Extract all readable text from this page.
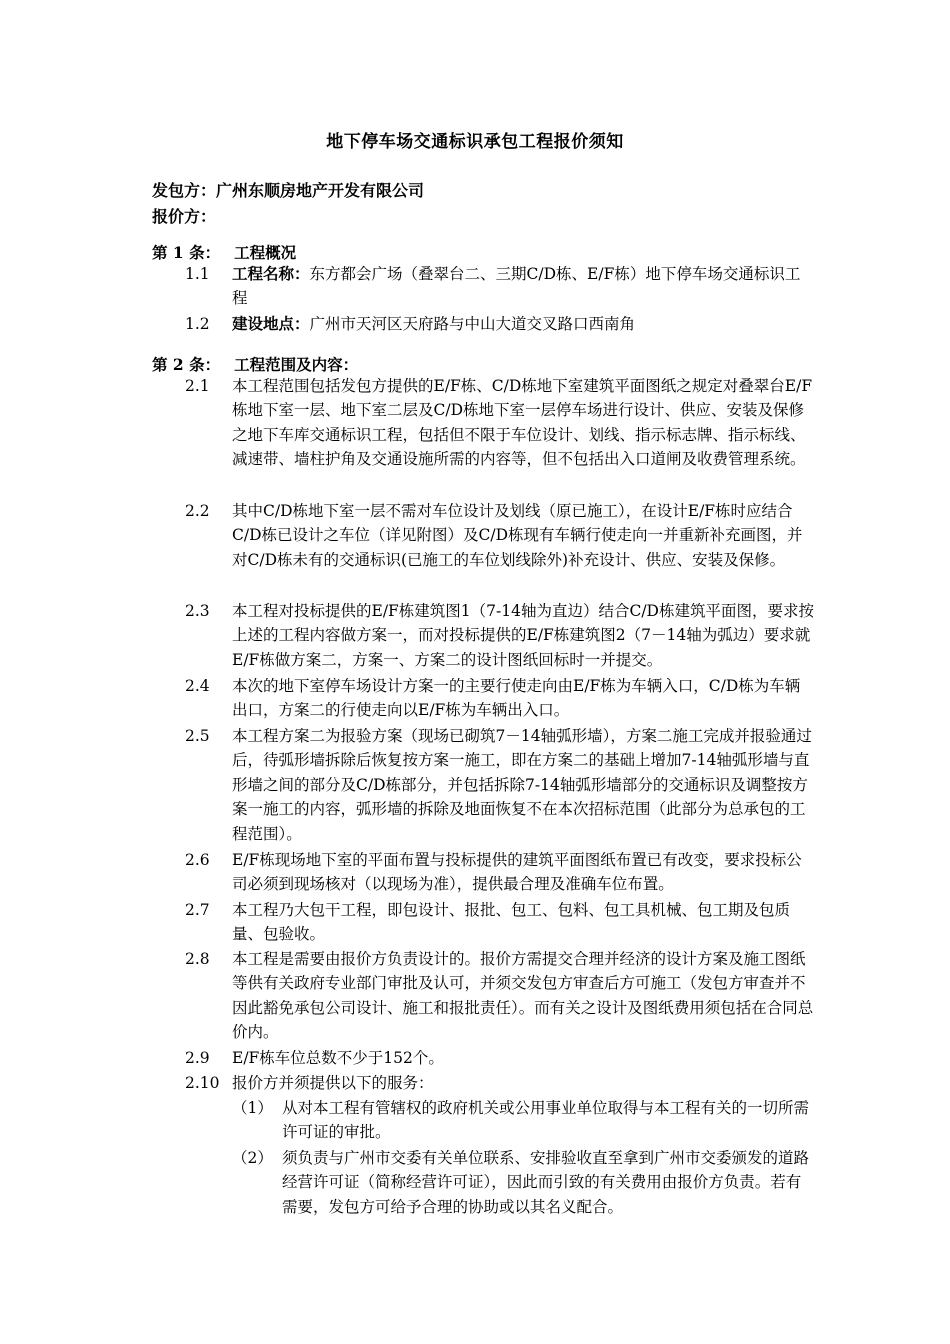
地下停车场交通标识承包工程报价须知
发包方：广州东顺房地产开发有限公司
报价方：
第 1 条： 工程概况
1.1	工程名称：东方都会广场（叠翠台二、三期C/D栋、E/F栋）地下停车场交通标识工程
1.2	建设地点：广州市天河区天府路与中山大道交叉路口西南角
第 2 条： 工程范围及内容：
2.1	本工程范围包括发包方提供的E/F栋、C/D栋地下室建筑平面图纸之规定对叠翠台E/F栋地下室一层、地下室二层及C/D栋地下室一层停车场进行设计、供应、安装及保修之地下车库交通标识工程，包括但不限于车位设计、划线、指示标志牌、指示标线、减速带、墙柱护角及交通设施所需的内容等，但不包括出入口道闸及收费管理系统。
2.2	其中C/D栋地下室一层不需对车位设计及划线（原已施工），在设计E/F栋时应结合C/D栋已设计之车位（详见附图）及C/D栋现有车辆行使走向一并重新补充画图，并对C/D栋未有的交通标识(已施工的车位划线除外)补充设计、供应、安装及保修。
2.3	本工程对投标提供的E/F栋建筑图1（7-14轴为直边）结合C/D栋建筑平面图，要求按上述的工程内容做方案一，而对投标提供的E/F栋建筑图2（7－14轴为弧边）要求就E/F栋做方案二，方案一、方案二的设计图纸回标时一并提交。
2.4	本次的地下室停车场设计方案一的主要行使走向由E/F栋为车辆入口，C/D栋为车辆出口，方案二的行使走向以E/F栋为车辆出入口。
2.5	本工程方案二为报验方案（现场已砌筑7－14轴弧形墙），方案二施工完成并报验通过后，待弧形墙拆除后恢复按方案一施工，即在方案二的基础上增加7-14轴弧形墙与直形墙之间的部分及C/D栋部分，并包括拆除7-14轴弧形墙部分的交通标识及调整按方案一施工的内容，弧形墙的拆除及地面恢复不在本次招标范围（此部分为总承包的工程范围）。
2.6	E/F栋现场地下室的平面布置与投标提供的建筑平面图纸布置已有改变，要求投标公司必须到现场核对（以现场为准），提供最合理及准确车位布置。
2.7	本工程乃大包干工程，即包设计、报批、包工、包料、包工具机械、包工期及包质量、包验收。
2.8	本工程是需要由报价方负责设计的。报价方需提交合理并经济的设计方案及施工图纸等供有关政府专业部门审批及认可，并须交发包方审查后方可施工（发包方审查并不因此豁免承包公司设计、施工和报批责任）。而有关之设计及图纸费用须包括在合同总价内。
2.9	E/F栋车位总数不少于152个。
2.10 报价方并须提供以下的服务：
（1） 从对本工程有管辖权的政府机关或公用事业单位取得与本工程有关的一切所需许可证的审批。
（2） 须负责与广州市交委有关单位联系、安排验收直至拿到广州市交委颁发的道路经营许可证（简称经营许可证），因此而引致的有关费用由报价方负责。若有需要，发包方可给予合理的协助或以其名义配合。
